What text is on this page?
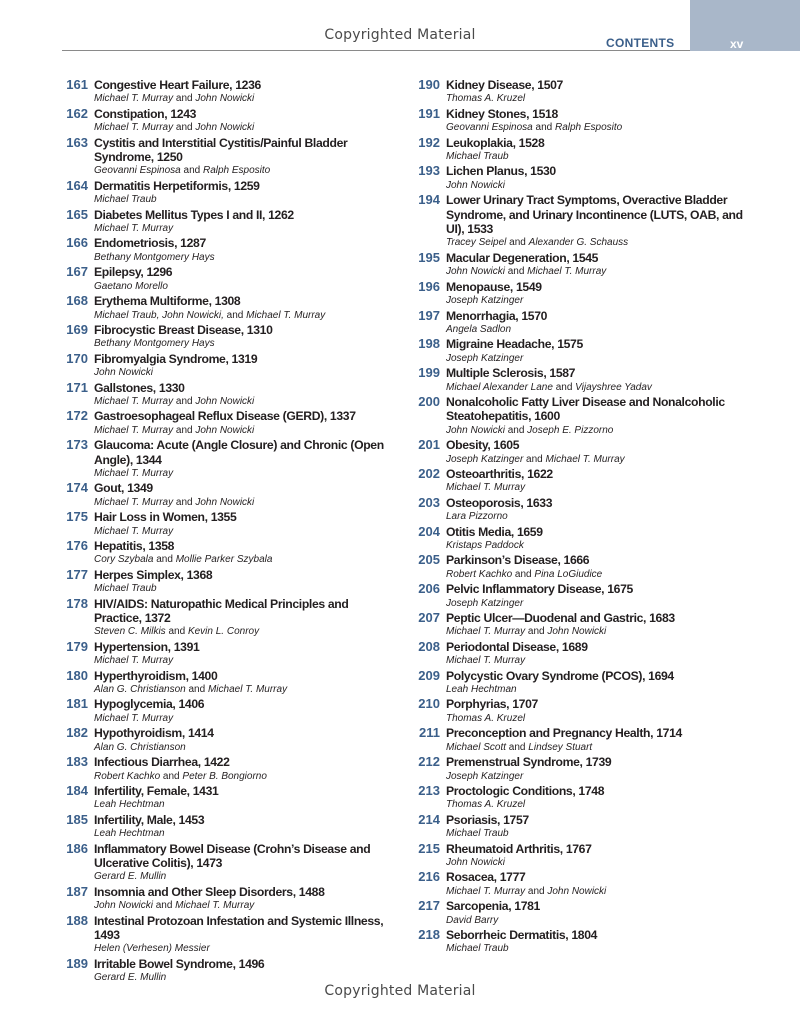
Copyrighted Material	CONTENTS	xv
161 Congestive Heart Failure, 1236
Michael T. Murray and John Nowicki
162 Constipation, 1243
Michael T. Murray and John Nowicki
163 Cystitis and Interstitial Cystitis/Painful Bladder Syndrome, 1250
Geovanni Espinosa and Ralph Esposito
164 Dermatitis Herpetiformis, 1259
Michael Traub
165 Diabetes Mellitus Types I and II, 1262
Michael T. Murray
166 Endometriosis, 1287
Bethany Montgomery Hays
167 Epilepsy, 1296
Gaetano Morello
168 Erythema Multiforme, 1308
Michael Traub, John Nowicki, and Michael T. Murray
169 Fibrocystic Breast Disease, 1310
Bethany Montgomery Hays
170 Fibromyalgia Syndrome, 1319
John Nowicki
171 Gallstones, 1330
Michael T. Murray and John Nowicki
172 Gastroesophageal Reflux Disease (GERD), 1337
Michael T. Murray and John Nowicki
173 Glaucoma: Acute (Angle Closure) and Chronic (Open Angle), 1344
Michael T. Murray
174 Gout, 1349
Michael T. Murray and John Nowicki
175 Hair Loss in Women, 1355
Michael T. Murray
176 Hepatitis, 1358
Cory Szybala and Mollie Parker Szybala
177 Herpes Simplex, 1368
Michael Traub
178 HIV/AIDS: Naturopathic Medical Principles and Practice, 1372
Steven C. Milkis and Kevin L. Conroy
179 Hypertension, 1391
Michael T. Murray
180 Hyperthyroidism, 1400
Alan G. Christianson and Michael T. Murray
181 Hypoglycemia, 1406
Michael T. Murray
182 Hypothyroidism, 1414
Alan G. Christianson
183 Infectious Diarrhea, 1422
Robert Kachko and Peter B. Bongiorno
184 Infertility, Female, 1431
Leah Hechtman
185 Infertility, Male, 1453
Leah Hechtman
186 Inflammatory Bowel Disease (Crohn’s Disease and Ulcerative Colitis), 1473
Gerard E. Mullin
187 Insomnia and Other Sleep Disorders, 1488
John Nowicki and Michael T. Murray
188 Intestinal Protozoan Infestation and Systemic Illness, 1493
Helen (Verhesen) Messier
189 Irritable Bowel Syndrome, 1496
Gerard E. Mullin
190 Kidney Disease, 1507
Thomas A. Kruzel
191 Kidney Stones, 1518
Geovanni Espinosa and Ralph Esposito
192 Leukoplakia, 1528
Michael Traub
193 Lichen Planus, 1530
John Nowicki
194 Lower Urinary Tract Symptoms, Overactive Bladder Syndrome, and Urinary Incontinence (LUTS, OAB, and UI), 1533
Tracey Seipel and Alexander G. Schauss
195 Macular Degeneration, 1545
John Nowicki and Michael T. Murray
196 Menopause, 1549
Joseph Katzinger
197 Menorrhagia, 1570
Angela Sadlon
198 Migraine Headache, 1575
Joseph Katzinger
199 Multiple Sclerosis, 1587
Michael Alexander Lane and Vijayshree Yadav
200 Nonalcoholic Fatty Liver Disease and Nonalcoholic Steatohepatitis, 1600
John Nowicki and Joseph E. Pizzorno
201 Obesity, 1605
Joseph Katzinger and Michael T. Murray
202 Osteoarthritis, 1622
Michael T. Murray
203 Osteoporosis, 1633
Lara Pizzorno
204 Otitis Media, 1659
Kristaps Paddock
205 Parkinson’s Disease, 1666
Robert Kachko and Pina LoGiudice
206 Pelvic Inflammatory Disease, 1675
Joseph Katzinger
207 Peptic Ulcer—Duodenal and Gastric, 1683
Michael T. Murray and John Nowicki
208 Periodontal Disease, 1689
Michael T. Murray
209 Polycystic Ovary Syndrome (PCOS), 1694
Leah Hechtman
210 Porphyrias, 1707
Thomas A. Kruzel
211 Preconception and Pregnancy Health, 1714
Michael Scott and Lindsey Stuart
212 Premenstrual Syndrome, 1739
Joseph Katzinger
213 Proctologic Conditions, 1748
Thomas A. Kruzel
214 Psoriasis, 1757
Michael Traub
215 Rheumatoid Arthritis, 1767
John Nowicki
216 Rosacea, 1777
Michael T. Murray and John Nowicki
217 Sarcopenia, 1781
David Barry
218 Seborrheic Dermatitis, 1804
Michael Traub
Copyrighted Material
